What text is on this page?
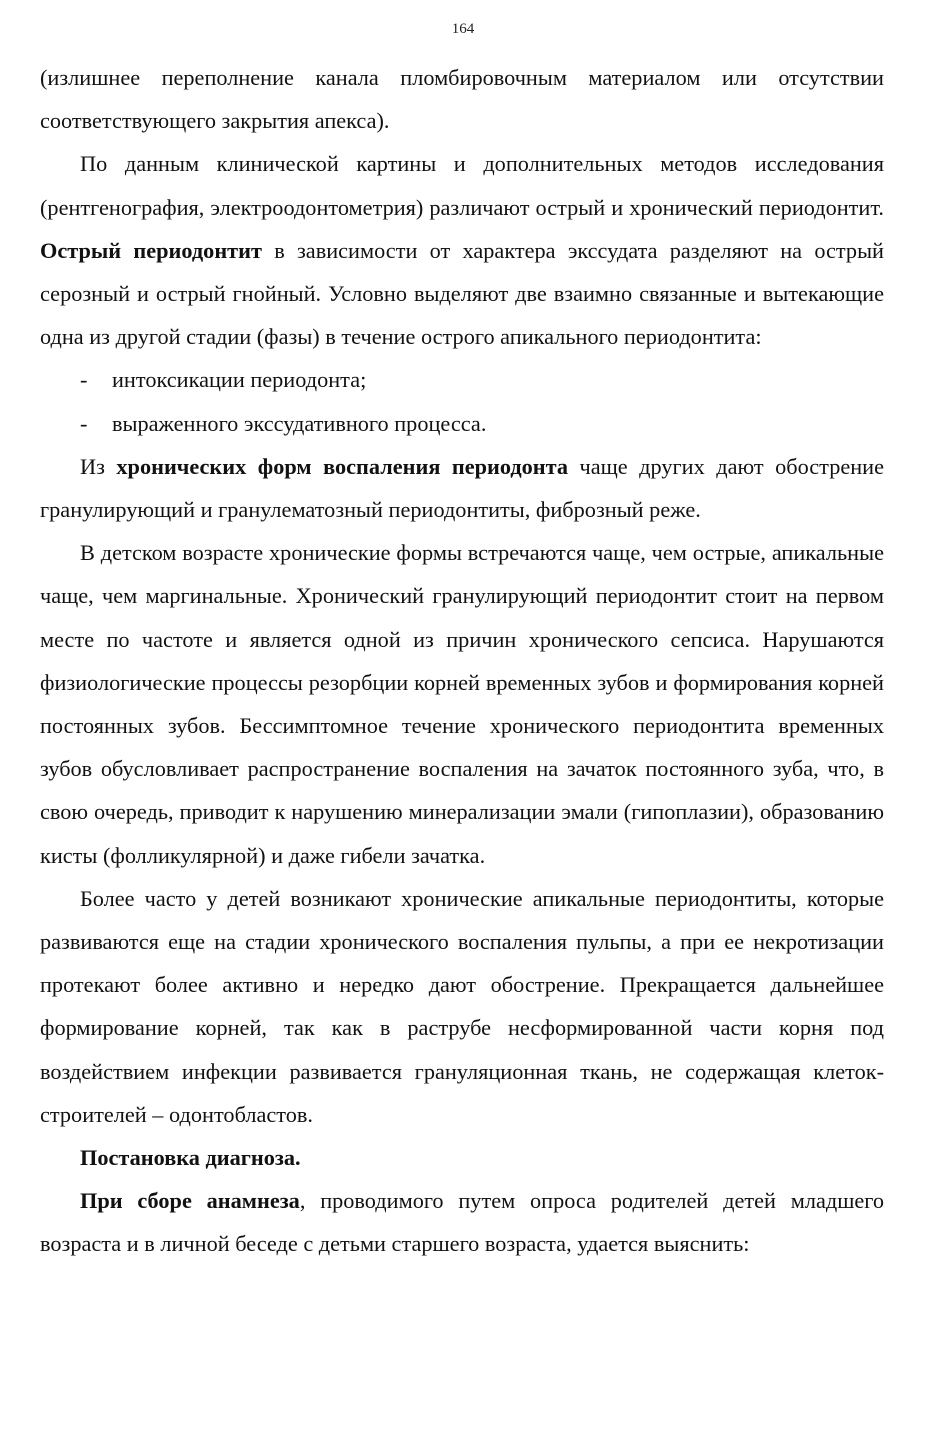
164

(излишнее переполнение канала пломбировочным материалом или отсутствии соответствующего закрытия апекса).

По данным клинической картины и дополнительных методов исследования (рентгенография, электроодонтометрия) различают острый и хронический периодонтит. Острый периодонтит в зависимости от характера экссудата разделяют на острый серозный и острый гнойный. Условно выделяют две взаимно связанные и вытекающие одна из другой стадии (фазы) в течение острого апикального периодонтита:

-	интоксикации периодонта;
-	выраженного экссудативного процесса.

Из хронических форм воспаления периодонта чаще других дают обострение гранулирующий и гранулематозный периодонтиты, фиброзный реже.

В детском возрасте хронические формы встречаются чаще, чем острые, апикальные чаще, чем маргинальные. Хронический гранулирующий периодонтит стоит на первом месте по частоте и является одной из причин хронического сепсиса. Нарушаются физиологические процессы резорбции корней временных зубов и формирования корней постоянных зубов. Бессимптомное течение хронического периодонтита временных зубов обусловливает распространение воспаления на зачаток постоянного зуба, что, в свою очередь, приводит к нарушению минерализации эмали (гипоплазии), образованию кисты (фолликулярной) и даже гибели зачатка.

Более часто у детей возникают хронические апикальные периодонтиты, которые развиваются еще на стадии хронического воспаления пульпы, а при ее некротизации протекают более активно и нередко дают обострение. Прекращается дальнейшее формирование корней, так как в раструбе несформированной части корня под воздействием инфекции развивается грануляционная ткань, не содержащая клеток-строителей – одонтобластов.

Постановка диагноза.

При сборе анамнеза, проводимого путем опроса родителей детей младшего возраста и в личной беседе с детьми старшего возраста, удается выяснить:
